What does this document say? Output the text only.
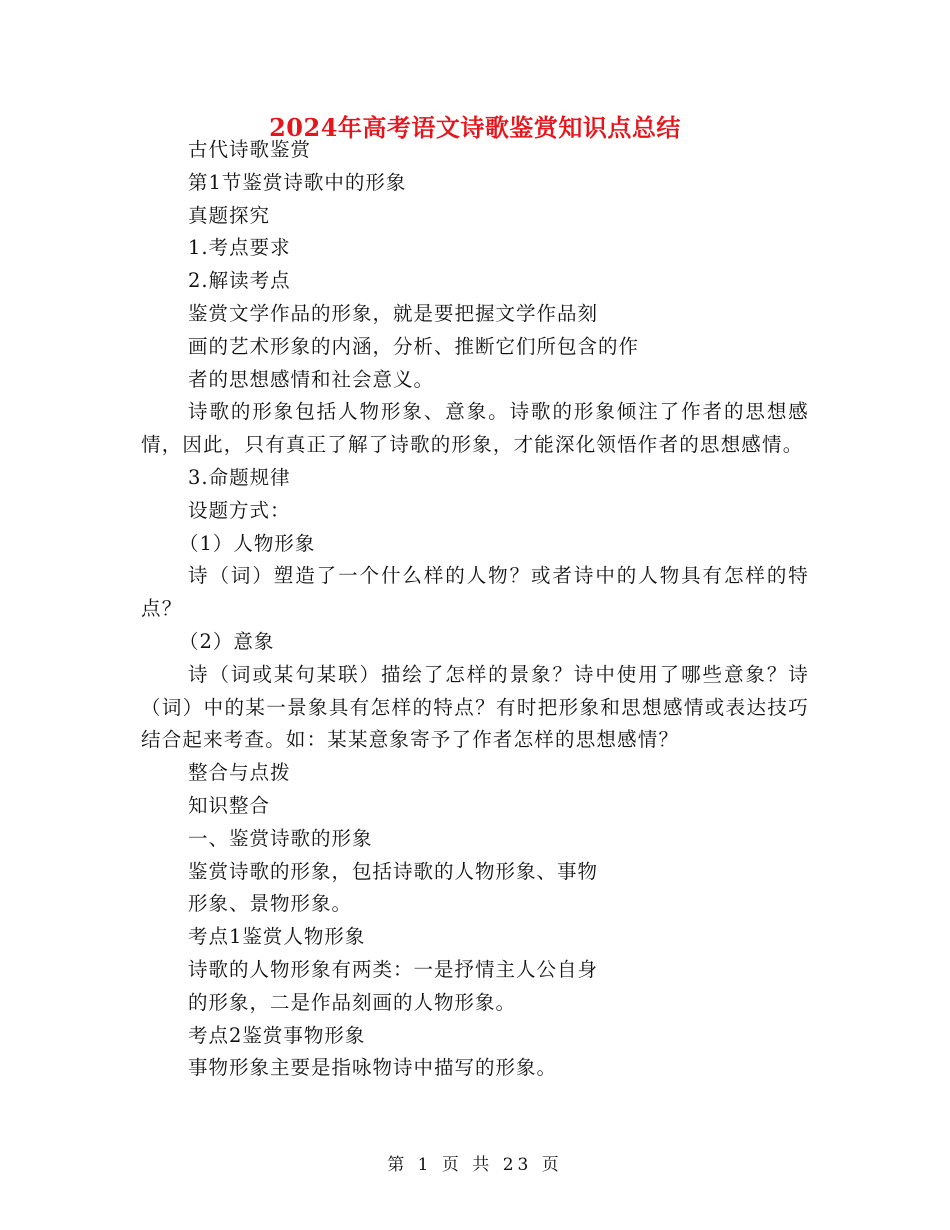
2024年高考语文诗歌鉴赏知识点总结
古代诗歌鉴赏
第1节鉴赏诗歌中的形象
真题探究
1.考点要求
2.解读考点
鉴赏文学作品的形象，就是要把握文学作品刻
画的艺术形象的内涵，分析、推断它们所包含的作
者的思想感情和社会意义。
诗歌的形象包括人物形象、意象。诗歌的形象倾注了作者的思想感情，因此，只有真正了解了诗歌的形象，才能深化领悟作者的思想感情。
3.命题规律
设题方式：
（1）人物形象
诗（词）塑造了一个什么样的人物？或者诗中的人物具有怎样的特点？
（2）意象
诗（词或某句某联）描绘了怎样的景象？诗中使用了哪些意象？诗（词）中的某一景象具有怎样的特点？有时把形象和思想感情或表达技巧结合起来考查。如：某某意象寄予了作者怎样的思想感情？
整合与点拨
知识整合
一、鉴赏诗歌的形象
鉴赏诗歌的形象，包括诗歌的人物形象、事物
形象、景物形象。
考点1鉴赏人物形象
诗歌的人物形象有两类：一是抒情主人公自身
的形象，二是作品刻画的人物形象。
考点2鉴赏事物形象
事物形象主要是指咏物诗中描写的形象。
第 1 页 共 23 页
